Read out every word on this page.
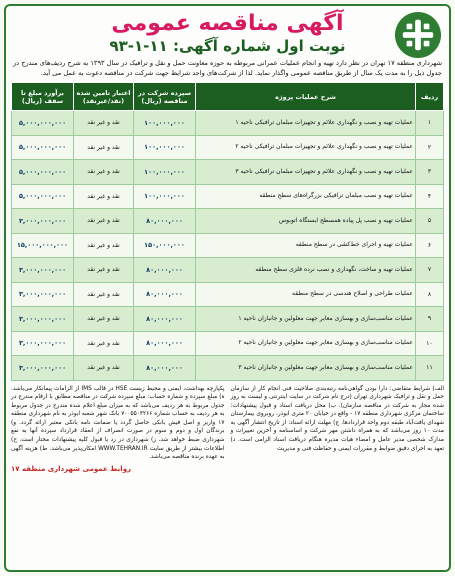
آگهی مناقصه عمومی
نوبت اول شماره آگهی: ۱۱-۱-۹۳
شهرداری منطقه ۱۷ تهران در نظر دارد تهیه و انجام عملیات عمرانی مربوطه به حوزه معاونت حمل و نقل و ترافیک در سال ۱۳۹۳ به شرح ردیف‌های مندرج در جدول ذیل را به مدت یک سال از طریق مناقصه عمومی واگذار نماید. لذا از شرکت‌های واجد شرایط جهت شرکت در مناقصه دعوت به عمل می آید.
ردیف	شرح عملیات پروژه	سپرده شرکت در مناقصه (ریال)	اعتبار تامین شده (نقد/غیرنقد)	برآورد مبلغ تا سقف (ریال)
۱	عملیات تهیه و نصب و نگهداری علائم و تجهیزات مبلمان ترافیکی ناحیه ۱	۱۰۰,۰۰۰,۰۰۰	نقد و غیر نقد	۵,۰۰۰,۰۰۰,۰۰۰
۲	عملیات تهیه و نصب و نگهداری علائم و تجهیزات مبلمان ترافیکی ناحیه ۲	۱۰۰,۰۰۰,۰۰۰	نقد و غیر نقد	۵,۰۰۰,۰۰۰,۰۰۰
۳	عملیات تهیه و نصب و نگهداری علائم و تجهیزات مبلمان ترافیکی ناحیه ۳	۱۰۰,۰۰۰,۰۰۰	نقد و غیر نقد	۵,۰۰۰,۰۰۰,۰۰۰
۴	عملیات تهیه و نصب مبلمان ترافیکی بزرگراه‌های سطح منطقه	۱۰۰,۰۰۰,۰۰۰	نقد و غیر نقد	۵,۰۰۰,۰۰۰,۰۰۰
۵	عملیات تهیه و نصب پل پیاده همسطح ایستگاه اتوبوس	۸۰,۰۰۰,۰۰۰	نقد و غیر نقد	۳,۰۰۰,۰۰۰,۰۰۰
۶	عملیات تهیه و اجرای خط‌کشی در سطح منطقه	۱۵۰,۰۰۰,۰۰۰	نقد و غیر نقد	۱۵,۰۰۰,۰۰۰,۰۰۰
۷	عملیات تهیه و ساخت، نگهداری و نصب نرده فلزی سطح منطقه	۸۰,۰۰۰,۰۰۰	نقد و غیر نقد	۳,۰۰۰,۰۰۰,۰۰۰
۸	عملیات طراحی و اصلاح هندسی در سطح منطقه	۸۰,۰۰۰,۰۰۰	نقد و غیر نقد	۳,۰۰۰,۰۰۰,۰۰۰
۹	عملیات مناسب‌سازی و بهسازی معابر جهت معلولین و جانبازان ناحیه ۱	۸۰,۰۰۰,۰۰۰	نقد و غیر نقد	۳,۰۰۰,۰۰۰,۰۰۰
۱۰	عملیات مناسب‌سازی و بهسازی معابر جهت معلولین و جانبازان ناحیه ۲	۸۰,۰۰۰,۰۰۰	نقد و غیر نقد	۳,۰۰۰,۰۰۰,۰۰۰
۱۱	عملیات مناسب‌سازی و بهسازی معابر جهت معلولین و جانبازان ناحیه ۳	۸۰,۰۰۰,۰۰۰	نقد و غیر نقد	۳,۰۰۰,۰۰۰,۰۰۰
الف) شرایط متقاضی: دارا بودن گواهی‌نامه رتبه‌بندی صلاحیت فنی انجام کار از سازمان حمل و نقل و ترافیک شهرداری تهران (درج نام شرکت در سایت اینترنتی و لیست به روز شده مجاز به شرکت در مناقصه سازمان). ب) محل دریافت اسناد و قبول پیشنهادات: ساختمان مرکزی شهرداری منطقه ۱۷ - واقع در خیابان ۲۰ متری ابوذر، روبروی بیمارستان شهدای یافت‌آباد طبقه دوم واحد قراردادها. ج) مهلت ارائه اسناد: از تاریخ انتشار آگهی به مدت ۱۰ روز می‌باشد که به همراه داشتن مهر شرکت و اساسنامه و آخرین تغییرات و مدارک شخصی مدیر عامل و امضاء هیات مدیره هنگام دریافت اسناد الزامی است. د) تعهد به اجرای دقیق ضوابط و مقررات ایمنی و حفاظت فنی و مدیریت
پکپارچه بهداشت، ایمنی و محیط زیست HSE در قالب IMS از الزامات پیمانکار می‌باشد. ه) مبلغ سپرده و شماره حساب: مبلغ سپرده شرکت در مناقصه مطابق با ارقام مندرج در جدول مربوط به هر ردیف می‌باشد که به میزان مبلغ اعلام شده مندرج در جدول مربوط به هر ردیف به حساب شماره ۷۰۰۵۵۰۳۲۶۶ بانک شهر شعبه ابوذر به نام شهرداری منطقه ۱۷ واریز و اصل فیش بانکی حاصل گردد یا ضمانت نامه بانکی معتبر ارائه گردد. و) برندگان اول و دوم و سوم در صورت انصراف از انعقاد قرارداد سپرده آنها به نفع شهرداری ضبط خواهد شد. ز) شهرداری در رد یا قبول کلیه پیشنهادات مختار است. ح) اطلاعات بیشتر از طریق سایت WWW.TEHRAN.IR امکان‌پذیر می‌باشد. ط) هزینه آگهی به عهده برنده مناقصه می‌باشد.
روابط عمومی شهرداری منطقه ۱۷
